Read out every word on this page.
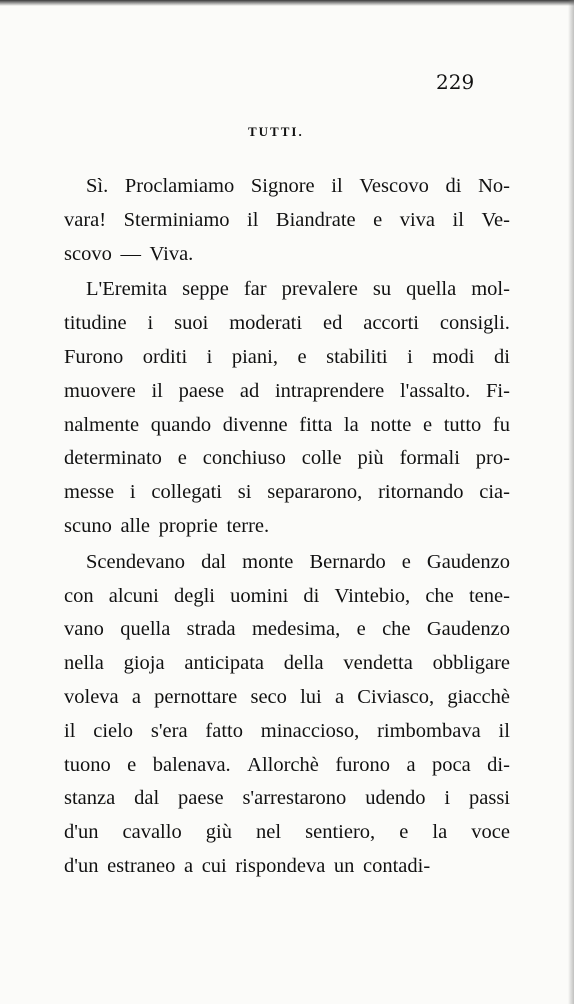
229

TUTTI.

Sì. Proclamiamo Signore il Vescovo di No-
vara! Sterminiamo il Biandrate e viva il Ve-
scovo — Viva.
L'Eremita seppe far prevalere su quella mol-
titudine i suoi moderati ed accorti consigli.
Furono orditi i piani, e stabiliti i modi di
muovere il paese ad intraprendere l'assalto. Fi-
nalmente quando divenne fitta la notte e tutto fu
determinato e conchiuso colle più formali pro-
messe i collegati si separarono, ritornando cia-
scuno alle proprie terre.
Scendevano dal monte Bernardo e Gaudenzo
con alcuni degli uomini di Vintebio, che tene-
vano quella strada medesima, e che Gaudenzo
nella gioja anticipata della vendetta obbligare
voleva a pernottare seco lui a Civiasco, giacchè
il cielo s'era fatto minaccioso, rimbombava il
tuono e balenava. Allorchè furono a poca di-
stanza dal paese s'arrestarono udendo i passi
d'un cavallo giù nel sentiero, e la voce
d'un estraneo a cui rispondeva un contadi-
